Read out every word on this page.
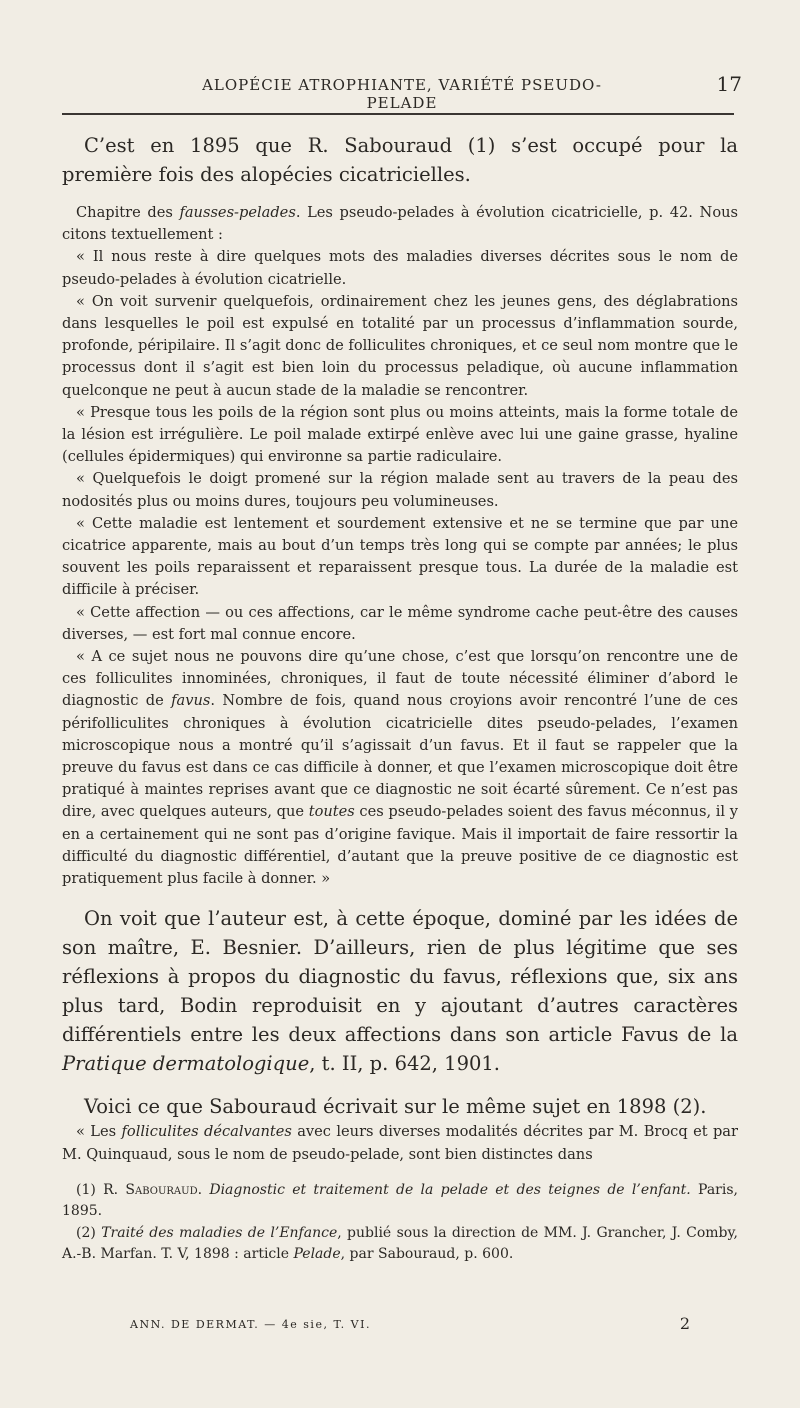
ALOPÉCIE ATROPHIANTE, VARIÉTÉ PSEUDO-PELADE
17

C’est en 1895 que R. Sabouraud (1) s’est occupé pour la première fois des alopécies cicatricielles.

Chapitre des fausses-pelades. Les pseudo-pelades à évolution cicatricielle, p. 42. Nous citons textuellement :

« Il nous reste à dire quelques mots des maladies diverses décrites sous le nom de pseudo-pelades à évolution cicatrielle.

« On voit survenir quelquefois, ordinairement chez les jeunes gens, des déglabrations dans lesquelles le poil est expulsé en totalité par un processus d’inflammation sourde, profonde, péripilaire. Il s’agit donc de folliculites chroniques, et ce seul nom montre que le processus dont il s’agit est bien loin du processus peladique, où aucune inflammation quelconque ne peut à aucun stade de la maladie se rencontrer.

« Presque tous les poils de la région sont plus ou moins atteints, mais la forme totale de la lésion est irrégulière. Le poil malade extirpé enlève avec lui une gaine grasse, hyaline (cellules épidermiques) qui environne sa partie radiculaire.

« Quelquefois le doigt promené sur la région malade sent au travers de la peau des nodosités plus ou moins dures, toujours peu volumineuses.

« Cette maladie est lentement et sourdement extensive et ne se termine que par une cicatrice apparente, mais au bout d’un temps très long qui se compte par années; le plus souvent les poils reparaissent et reparaissent presque tous. La durée de la maladie est difficile à préciser.

« Cette affection — ou ces affections, car le même syndrome cache peut-être des causes diverses, — est fort mal connue encore.

« A ce sujet nous ne pouvons dire qu’une chose, c’est que lorsqu’on rencontre une de ces folliculites innominées, chroniques, il faut de toute nécessité éliminer d’abord le diagnostic de favus. Nombre de fois, quand nous croyions avoir rencontré l’une de ces périfolliculites chroniques à évolution cicatricielle dites pseudo-pelades, l’examen microscopique nous a montré qu’il s’agissait d’un favus. Et il faut se rappeler que la preuve du favus est dans ce cas difficile à donner, et que l’examen microscopique doit être pratiqué à maintes reprises avant que ce diagnostic ne soit écarté sûrement. Ce n’est pas dire, avec quelques auteurs, que toutes ces pseudo-pelades soient des favus méconnus, il y en a certainement qui ne sont pas d’origine favique. Mais il importait de faire ressortir la difficulté du diagnostic différentiel, d’autant que la preuve positive de ce diagnostic est pratiquement plus facile à donner. »

On voit que l’auteur est, à cette époque, dominé par les idées de son maître, E. Besnier. D’ailleurs, rien de plus légitime que ses réflexions à propos du diagnostic du favus, réflexions que, six ans plus tard, Bodin reproduisit en y ajoutant d’autres caractères différentiels entre les deux affections dans son article Favus de la Pratique dermatologique, t. II, p. 642, 1901.

Voici ce que Sabouraud écrivait sur le même sujet en 1898 (2).

« Les folliculites décalvantes avec leurs diverses modalités décrites par M. Brocq et par M. Quinquaud, sous le nom de pseudo-pelade, sont bien distinctes dans

(1) R. Sabouraud. Diagnostic et traitement de la pelade et des teignes de l’enfant. Paris, 1895.

(2) Traité des maladies de l’Enfance, publié sous la direction de MM. J. Grancher, J. Comby, A.-B. Marfan. T. V, 1898 : article Pelade, par Sabouraud, p. 600.

ANN. DE DERMAT. — 4e sie, T. VI.	2
